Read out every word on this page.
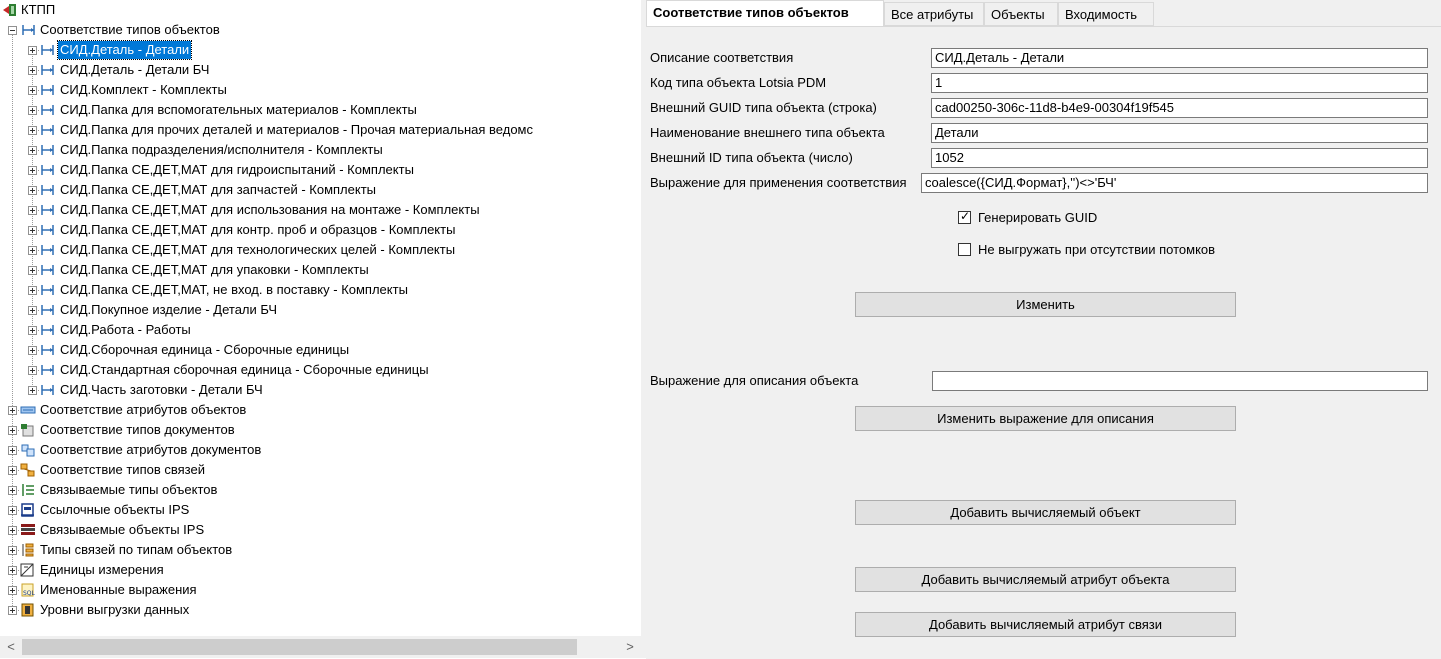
КТПП
Соответствие типов объектов
СИД.Деталь - Детали
СИД.Деталь - Детали БЧ
СИД.Комплект - Комплекты
СИД.Папка для вспомогательных материалов - Комплекты
СИД.Папка для прочих деталей и материалов - Прочая материальная ведомс
СИД.Папка подразделения/исполнителя - Комплекты
СИД.Папка СЕ,ДЕТ,МАТ для гидроиспытаний - Комплекты
СИД.Папка СЕ,ДЕТ,МАТ для запчастей - Комплекты
СИД.Папка СЕ,ДЕТ,МАТ для использования на монтаже - Комплекты
СИД.Папка СЕ,ДЕТ,МАТ для контр. проб и образцов - Комплекты
СИД.Папка СЕ,ДЕТ,МАТ для технологических целей - Комплекты
СИД.Папка СЕ,ДЕТ,МАТ для упаковки - Комплекты
СИД.Папка СЕ,ДЕТ,МАТ, не вход. в поставку - Комплекты
СИД.Покупное изделие - Детали БЧ
СИД.Работа - Работы
СИД.Сборочная единица - Сборочные единицы
СИД.Стандартная сборочная единица - Сборочные единицы
СИД.Часть заготовки - Детали БЧ
Соответствие атрибутов объектов
Соответствие типов документов
Соответствие атрибутов документов
Соответствие типов связей
Связываемые типы объектов
Ссылочные объекты IPS
Связываемые объекты IPS
Типы связей по типам объектов
Единицы измерения
SQL Именованные выражения
Уровни выгрузки данных
<	>
Соответствие типов объектов	Все атрибуты	Объекты	Входимость
Описание соответствия	СИД.Деталь - Детали
Код типа объекта Lotsia PDM	1
Внешний GUID типа объекта (строка)	cad00250-306c-11d8-b4e9-00304f19f545
Наименование внешнего типа объекта	Детали
Внешний ID типа объекта (число)	1052
Выражение для применения соответствия	coalesce({СИД.Формат},'')<>'БЧ'
✓ Генерировать GUID
Не выгружать при отсутствии потомков
Изменить
Выражение для описания объекта
Изменить выражение для описания
Добавить вычисляемый объект
Добавить вычисляемый атрибут объекта
Добавить вычисляемый атрибут связи
